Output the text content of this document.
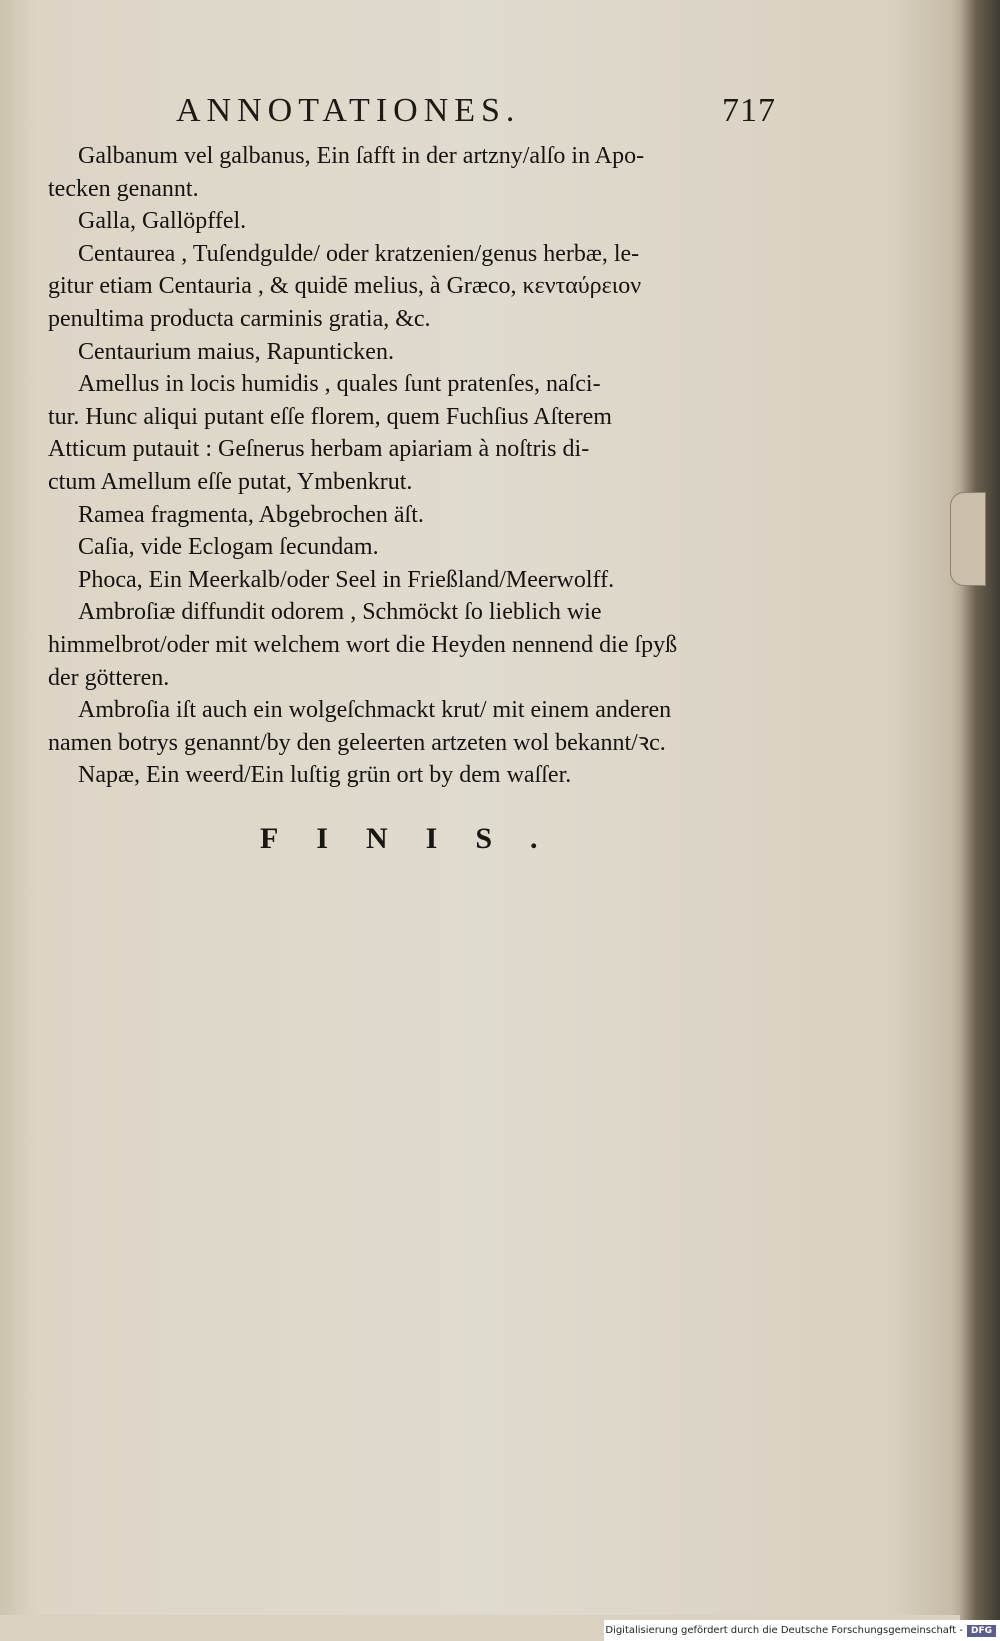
ANNOTATIONES.	717
Galbanum vel galbanus, Ein ſafft in der artzny/alſo in Apo-
tecken genannt.
Galla, Gallöpffel.
Centaurea , Tuſendgulde/ oder kratzenien/genus herbæ, le-
gitur etiam Centauria , & quidē melius, à Græco, κενταύρειον
penultima producta carminis gratia, &c.
Centaurium maius, Rapunticken.
Amellus in locis humidis , quales ſunt pratenſes, naſci-
tur. Hunc aliqui putant eſſe florem, quem Fuchſius Aſterem
Atticum putauit : Geſnerus herbam apiariam à noſtris di-
ctum Amellum eſſe putat, Ymbenkrut.
Ramea fragmenta, Abgebrochen äſt.
Caſia, vide Eclogam ſecundam.
Phoca, Ein Meerkalb/oder Seel in Frießland/Meerwolff.
Ambroſiæ diffundit odorem , Schmöckt ſo lieblich wie
himmelbrot/oder mit welchem wort die Heyden nennend die ſpyß
der götteren.
Ambroſia iſt auch ein wolgeſchmackt krut/ mit einem anderen
namen botrys genannt/by den geleerten artzeten wol bekannt/ꝛc.
Napæ, Ein weerd/Ein luſtig grün ort by dem waſſer.
FINIS.
Digitalisierung gefördert durch die Deutsche Forschungsgemeinschaft - DFG
